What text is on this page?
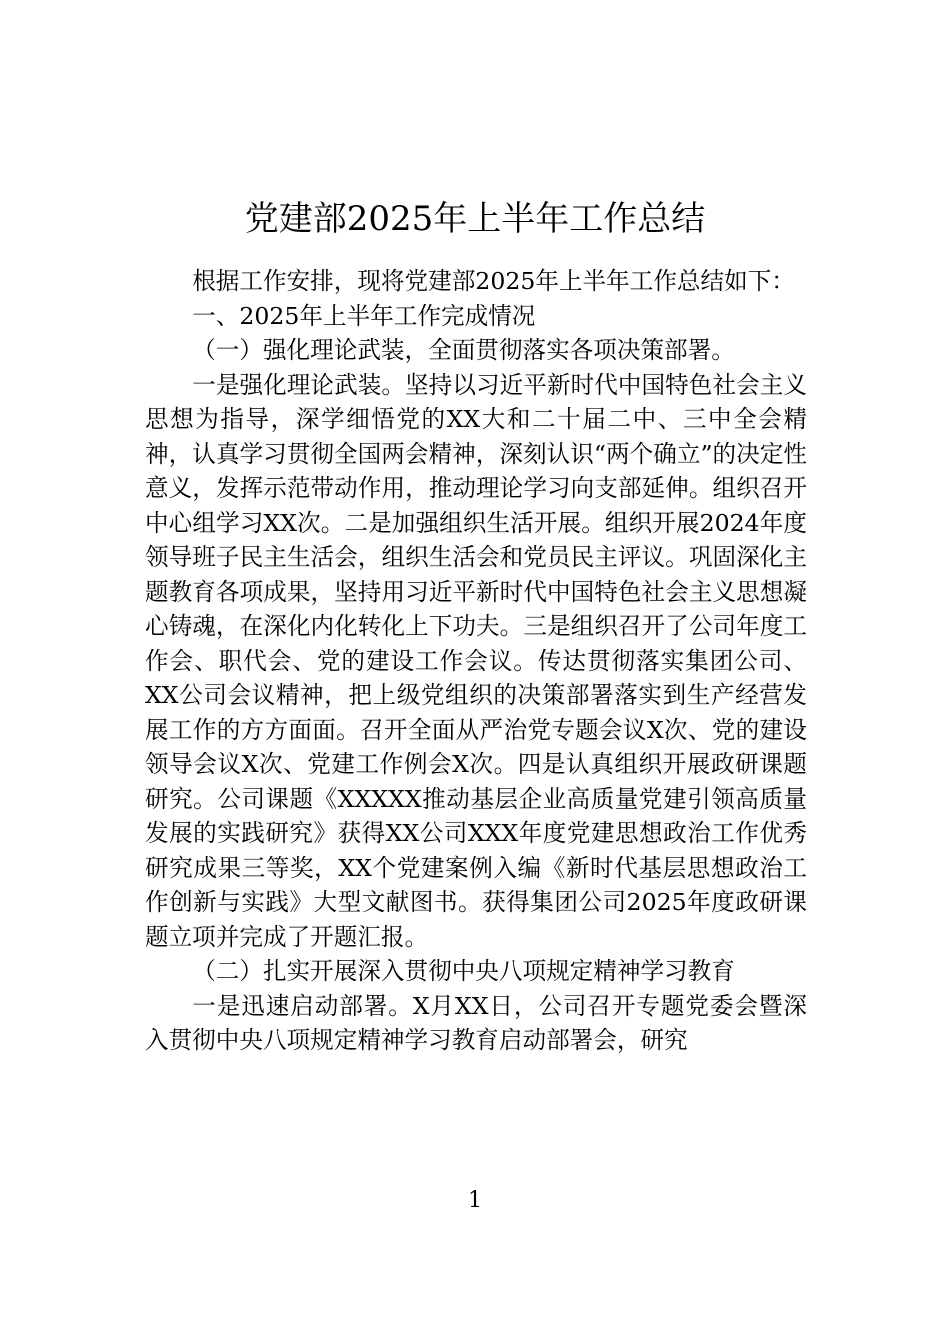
党建部2025年上半年工作总结

根据工作安排，现将党建部2025年上半年工作总结如下：

一、2025年上半年工作完成情况

（一）强化理论武装，全面贯彻落实各项决策部署。

一是强化理论武装。坚持以习近平新时代中国特色社会主义思想为指导，深学细悟党的XX大和二十届二中、三中全会精神，认真学习贯彻全国两会精神，深刻认识“两个确立”的决定性意义，发挥示范带动作用，推动理论学习向支部延伸。组织召开中心组学习XX次。二是加强组织生活开展。组织开展2024年度领导班子民主生活会，组织生活会和党员民主评议。巩固深化主题教育各项成果，坚持用习近平新时代中国特色社会主义思想凝心铸魂，在深化内化转化上下功夫。三是组织召开了公司年度工作会、职代会、党的建设工作会议。传达贯彻落实集团公司、XX公司会议精神，把上级党组织的决策部署落实到生产经营发展工作的方方面面。召开全面从严治党专题会议X次、党的建设领导会议X次、党建工作例会X次。四是认真组织开展政研课题研究。公司课题《XXXXX推动基层企业高质量党建引领高质量发展的实践研究》获得XX公司XXX年度党建思想政治工作优秀研究成果三等奖，XX个党建案例入编《新时代基层思想政治工作创新与实践》大型文献图书。获得集团公司2025年度政研课题立项并完成了开题汇报。

（二）扎实开展深入贯彻中央八项规定精神学习教育

一是迅速启动部署。X月XX日，公司召开专题党委会暨深入贯彻中央八项规定精神学习教育启动部署会，研究

1
